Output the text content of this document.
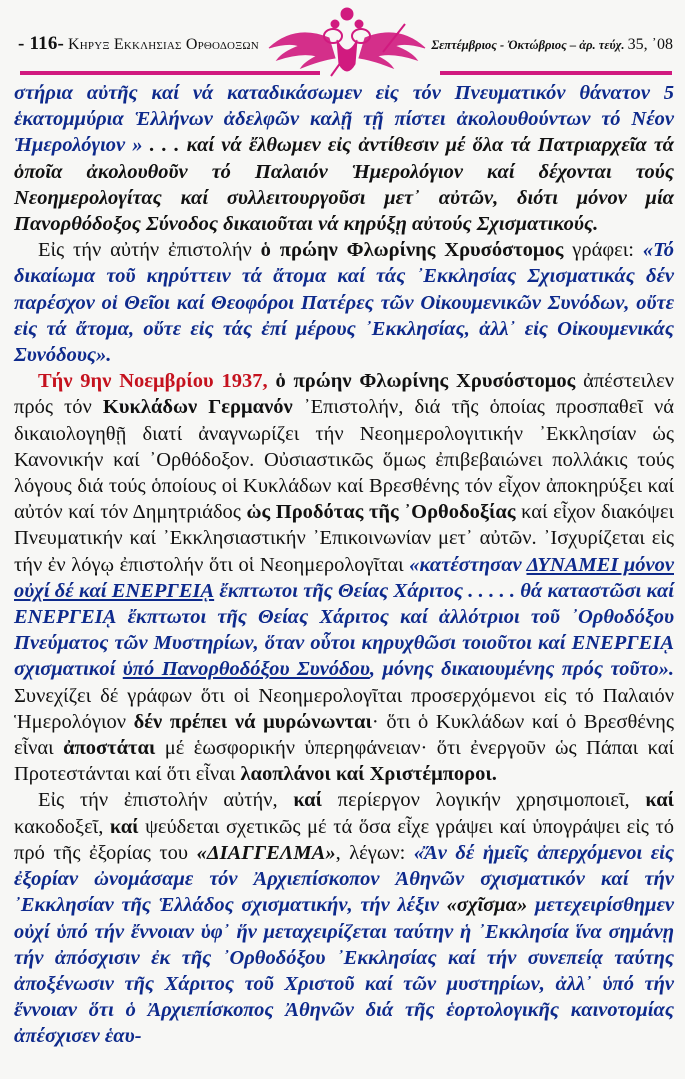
- 116- Κηρυξ Εκκλησιας Ορθοδοξων	Σεπτέμβριος - Ὀκτώβριος – ἀρ. τεύχ. 35, ᾿08

στήρια αὐτῆς καί νά καταδικάσωμεν εἰς τόν Πνευματικόν θάνατον 5 ἑκατομμύρια Ἑλλήνων ἀδελφῶν καλῇ τῇ πίστει ἀκολουθούντων τό Νέον Ἡμερολόγιον » . . . καί νά ἔλθωμεν εἰς ἀντίθεσιν μέ ὅλα τά Πατριαρχεῖα τά ὁποῖα ἀκολουθοῦν τό Παλαιόν Ἡμερολόγιον καί δέχονται τούς Νεοημερολογίτας καί συλλειτουργοῦσι μετ᾿ αὐτῶν, διότι μόνον μία Πανορθόδοξος Σύνοδος δικαιοῦται νά κηρύξῃ αὐτούς Σχισματικούς.

Εἰς τήν αὐτήν ἐπιστολήν ὁ πρώην Φλωρίνης Χρυσόστομος γράφει: «Τό δικαίωμα τοῦ κηρύττειν τά ἄτομα καί τάς ᾿Εκκλησίας Σχισματικάς δέν παρέσχον οἱ Θεῖοι καί Θεοφόροι Πατέρες τῶν Οἰκουμενικῶν Συνόδων, οὔτε εἰς τά ἄτομα, οὔτε εἰς τάς ἐπί μέρους ᾿Εκκλησίας, ἀλλ᾿ εἰς Οἰκουμενικάς Συνόδους».

Τήν 9ην Νοεμβρίου 1937, ὁ πρώην Φλωρίνης Χρυσόστομος ἀπέστειλεν πρός τόν Κυκλάδων Γερμανόν ᾿Επιστολήν, διά τῆς ὁποίας προσπαθεῖ νά δικαιολογηθῇ διατί ἀναγνωρίζει τήν Νεοημερολογιτικήν ᾿Εκκλησίαν ὡς Κανονικήν καί ᾿Ορθόδοξον. Οὐσιαστικῶς ὅμως ἐπιβεβαιώνει πολλάκις τούς λόγους διά τούς ὁποίους οἱ Κυκλάδων καί Βρεσθένης τόν εἶχον ἀποκηρύξει καί αὐτόν καί τόν Δημητριάδος ὡς Προδότας τῆς ᾿Ορθοδοξίας καί εἶχον διακόψει Πνευματικήν καί ᾿Εκκλησιαστικήν ᾿Επικοινωνίαν μετ᾿ αὐτῶν. ᾿Ισχυρίζεται εἰς τήν ἐν λόγῳ ἐπιστολήν ὅτι οἱ Νεοημερολογῖται «κατέστησαν ΔΥΝΑΜΕΙ μόνον οὐχί δέ καί ΕΝΕΡΓΕΙᾼ ἔκπτωτοι τῆς Θείας Χάριτος . . . . . θά καταστῶσι καί ΕΝΕΡΓΕΙᾼ ἔκπτωτοι τῆς Θείας Χάριτος καί ἀλλότριοι τοῦ ᾿Ορθοδόξου Πνεύματος τῶν Μυστηρίων, ὅταν οὗτοι κηρυχθῶσι τοιοῦτοι καί ΕΝΕΡΓΕΙᾼ σχισματικοί ὑπό Πανορθοδόξου Συνόδου, μόνης δικαιουμένης πρός τοῦτο». Συνεχίζει δέ γράφων ὅτι οἱ Νεοημερολογῖται προσερχόμενοι εἰς τό Παλαιόν Ἡμερολόγιον δέν πρέπει νά μυρώνωνται· ὅτι ὁ Κυκλάδων καί ὁ Βρεσθένης εἶναι ἀποστάται μέ ἑωσφορικήν ὑπερηφάνειαν· ὅτι ἐνεργοῦν ὡς Πάπαι καί Προτεστάνται καί ὅτι εἶναι λαοπλάνοι καί Χριστέμποροι.

Εἰς τήν ἐπιστολήν αὐτήν, καί περίεργον λογικήν χρησιμοποιεῖ, καί κακοδοξεῖ, καί ψεύδεται σχετικῶς μέ τά ὅσα εἶχε γράψει καί ὑπογράψει εἰς τό πρό τῆς ἐξορίας του «ΔΙΑΓΓΕΛΜΑ», λέγων: «Ἄν δέ ἡμεῖς ἀπερχόμενοι εἰς ἐξορίαν ὠνομάσαμε τόν Ἀρχιεπίσκοπον Ἀθηνῶν σχισματικόν καί τήν ᾿Εκκλησίαν τῆς Ἑλλάδος σχισματικήν, τήν λέξιν «σχῖσμα» μετεχειρίσθημεν οὐχί ὑπό τήν ἔννοιαν ὑφ᾿ ἥν μεταχειρίζεται ταύτην ἡ ᾿Εκκλησία ἵνα σημάνῃ τήν ἀπόσχισιν ἐκ τῆς ᾿Ορθοδόξου ᾿Εκκλησίας καί τήν συνεπείᾳ ταύτης ἀποξένωσιν τῆς Χάριτος τοῦ Χριστοῦ καί τῶν μυστηρίων, ἀλλ᾿ ὑπό τήν ἔννοιαν ὅτι ὁ Ἀρχιεπίσκοπος Ἀθηνῶν διά τῆς ἑορτολογικῆς καινοτομίας ἀπέσχισεν ἑαυ-
